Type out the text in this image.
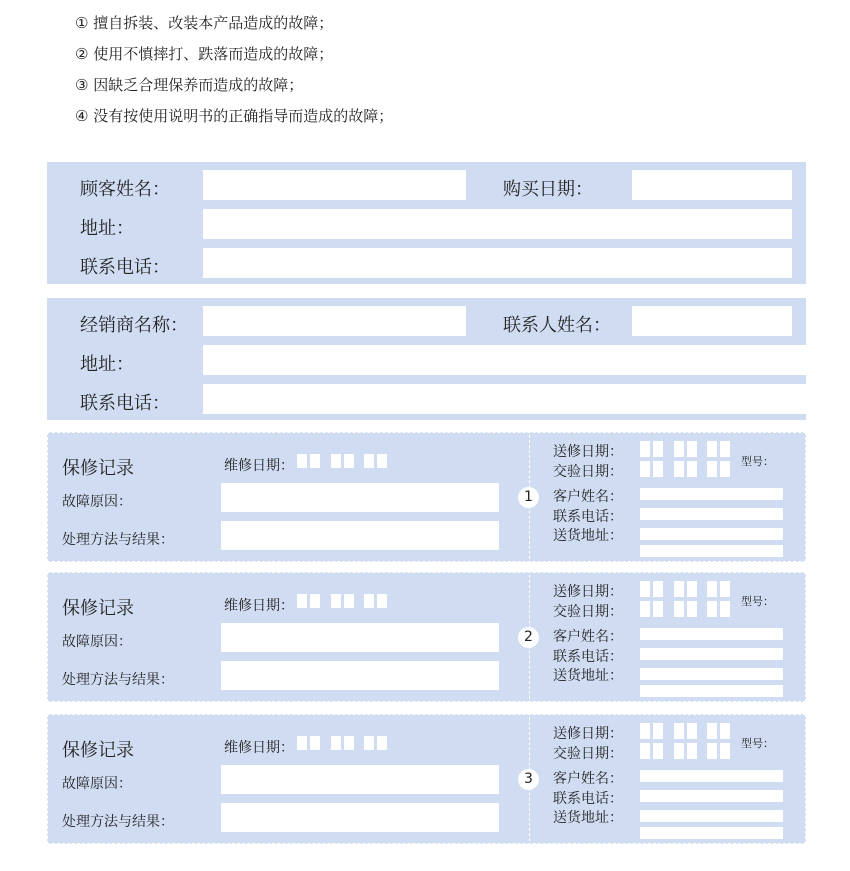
① 擅自拆装、改装本产品造成的故障；
② 使用不慎摔打、跌落而造成的故障；
③ 因缺乏合理保养而造成的故障；
④ 没有按使用说明书的正确指导而造成的故障；
顾客姓名：	购买日期：
地址：
联系电话：
经销商名称：	联系人姓名：
地址：
联系电话：
保修记录	维修日期：
故障原因：
处理方法与结果：
1
送修日期：
型号：
交验日期：
客户姓名：
联系电话：
送货地址：
保修记录	维修日期：
故障原因：
处理方法与结果：
2
送修日期：
型号：
交验日期：
客户姓名：
联系电话：
送货地址：
保修记录	维修日期：
故障原因：
处理方法与结果：
3
送修日期：
型号：
交验日期：
客户姓名：
联系电话：
送货地址：
